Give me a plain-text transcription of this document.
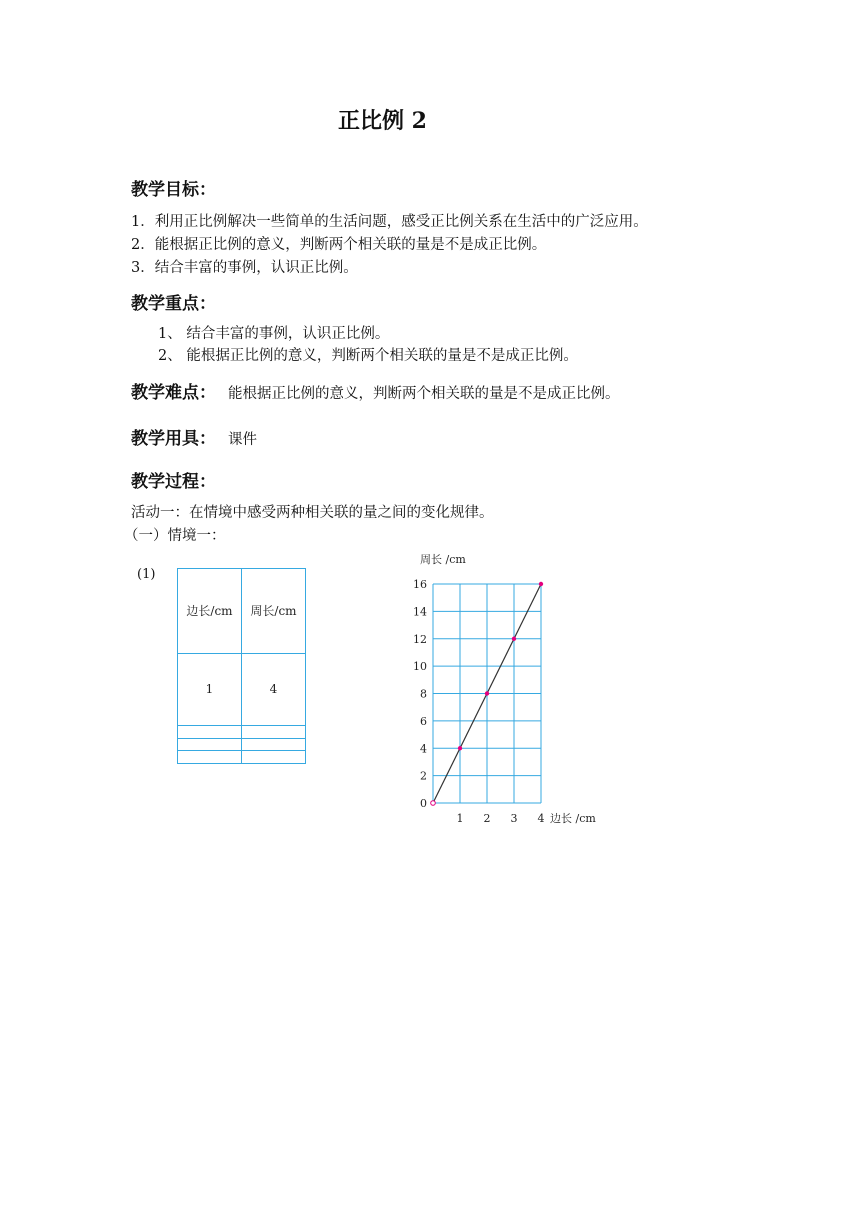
正比例 2
教学目标：
1．利用正比例解决一些简单的生活问题，感受正比例关系在生活中的广泛应用。
2．能根据正比例的意义，判断两个相关联的量是不是成正比例。
3．结合丰富的事例，认识正比例。
教学重点：
1、 结合丰富的事例，认识正比例。
2、 能根据正比例的意义，判断两个相关联的量是不是成正比例。
教学难点： 能根据正比例的意义，判断两个相关联的量是不是成正比例。
教学用具： 课件
教学过程：
活动一：在情境中感受两种相关联的量之间的变化规律。
（一）情境一：
(1)
边长/cm	周长/cm
1	4

0
2
4
6
8
10
12
14
16
1 2 3 4
周长 /cm
边长 /cm
